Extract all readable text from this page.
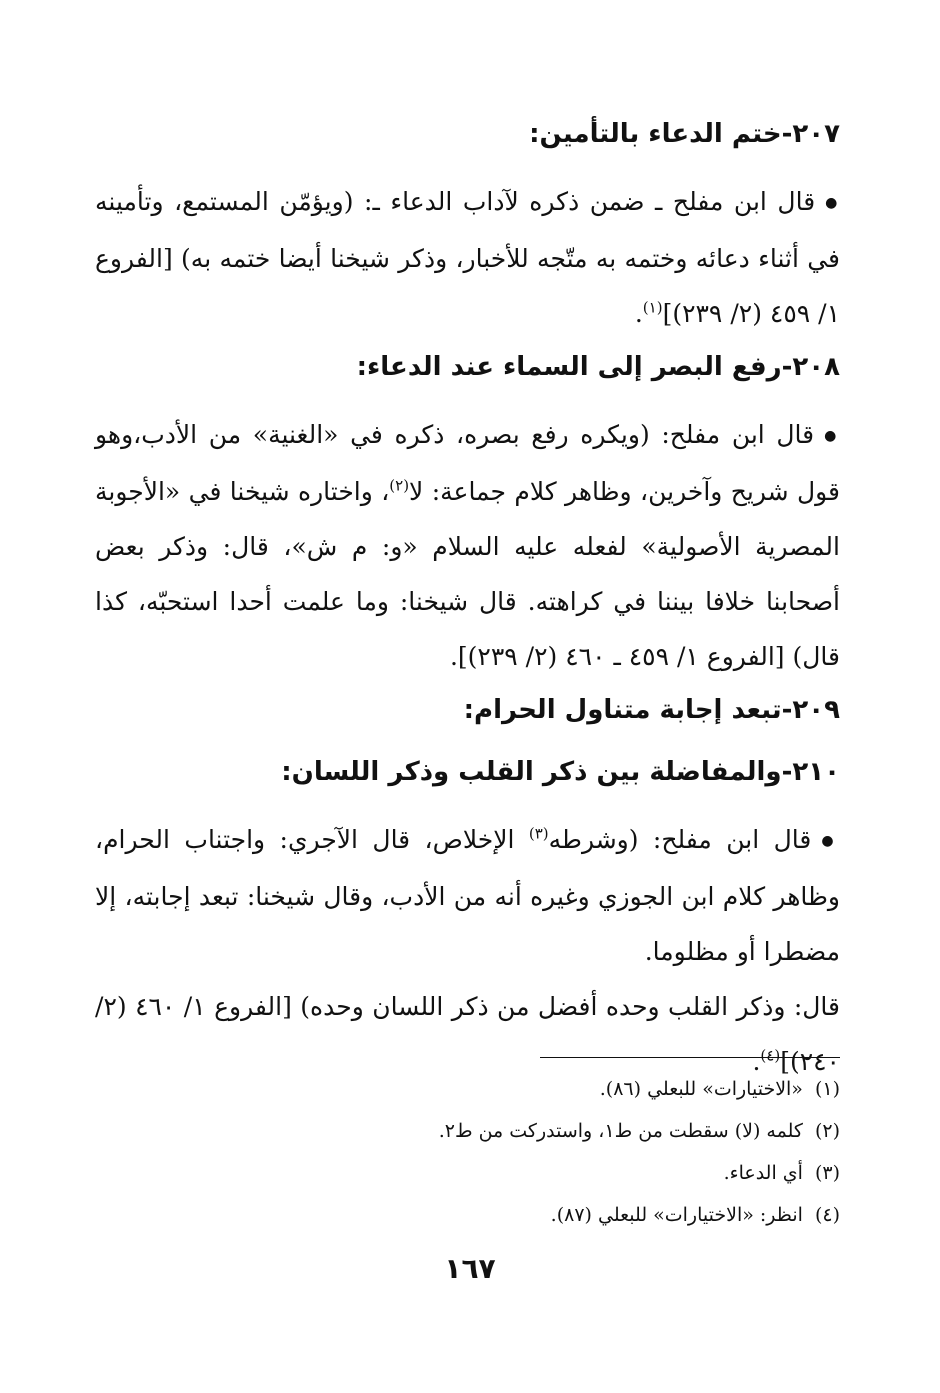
٢٠٧-ختم الدعاء بالتأمين:

● قال ابن مفلح ـ ضمن ذكره لآداب الدعاء ـ: (ويؤمّن المستمع، وتأمينه في أثناء دعائه وختمه به متّجه للأخبار، وذكر شيخنا أيضا ختمه به) [الفروع ١/ ٤٥٩ (٢/ ٢٣٩)]$^{(١)}$.

٢٠٨-رفع البصر إلى السماء عند الدعاء:

● قال ابن مفلح: (ويكره رفع بصره، ذكره في «الغنية» من الأدب،وهو قول شريح وآخرين، وظاهر كلام جماعة: لا$^{(٢)}$، واختاره شيخنا في «الأجوبة المصرية الأصولية» لفعله عليه السلام «و: م ش»، قال: وذكر بعض أصحابنا خلافا بيننا في كراهته. قال شيخنا: وما علمت أحدا استحبّه، كذا قال) [الفروع ١/ ٤٥٩ ـ ٤٦٠ (٢/ ٢٣٩)].

٢٠٩-تبعد إجابة متناول الحرام:
٢١٠-والمفاضلة بين ذكر القلب وذكر اللسان:

● قال ابن مفلح: (وشرطه$^{(٣)}$ الإخلاص، قال الآجري: واجتناب الحرام، وظاهر كلام ابن الجوزي وغيره أنه من الأدب، وقال شيخنا: تبعد إجابته، إلا مضطرا أو مظلوما.

قال: وذكر القلب وحده أفضل من ذكر اللسان وحده) [الفروع ١/ ٤٦٠ (٢/ ٢٤٠)]$^{(٤)}$.

(١)«الاختيارات» للبعلي (٨٦).

(٢)كلمه (لا) سقطت من ط١، واستدركت من ط٢.

(٣)أي الدعاء.

(٤)انظر: «الاختيارات» للبعلي (٨٧).

١٦٧
